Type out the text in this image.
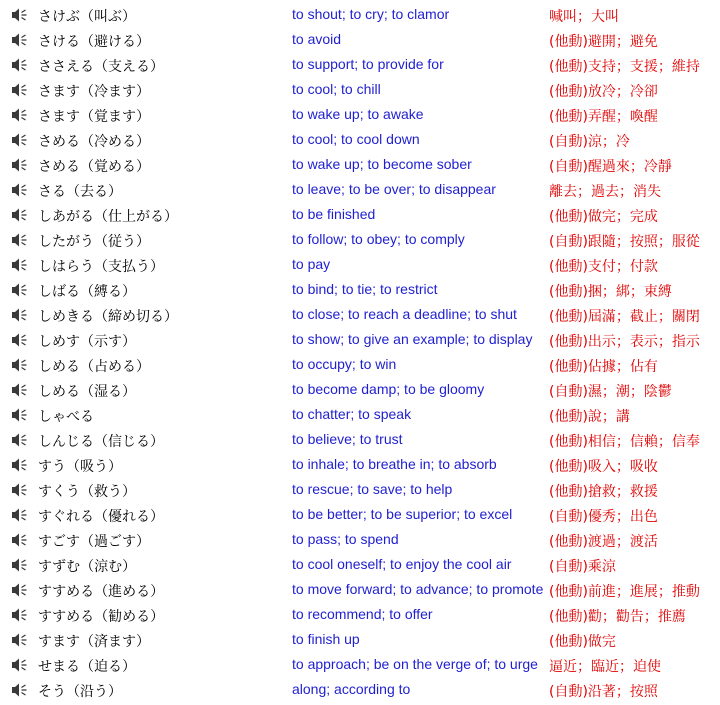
さけぶ（叫ぶ）	to shout; to cry; to clamor	喊叫；大叫
さける（避ける）	to avoid	(他動)避開；避免
ささえる（支える）	to support; to provide for	(他動)支持；支援；維持
さます（冷ます）	to cool; to chill	(他動)放冷；冷卻
さます（覚ます）	to wake up; to awake	(他動)弄醒；喚醒
さめる（冷める）	to cool; to cool down	(自動)涼；冷
さめる（覚める）	to wake up; to become sober	(自動)醒過來；冷靜
さる（去る）	to leave; to be over; to disappear	離去；過去；消失
しあがる（仕上がる）	to be finished	(他動)做完；完成
したがう（従う）	to follow; to obey; to comply	(自動)跟隨；按照；服從
しはらう（支払う）	to pay	(他動)支付；付款
しばる（縛る）	to bind; to tie; to restrict	(他動)捆；綁；束縛
しめきる（締め切る）	to close; to reach a deadline; to shut (他動)屆滿；截止；關閉
しめす（示す）	to show; to give an example; to display (他動)出示；表示；指示
しめる（占める）	to occupy; to win	(他動)佔據；佔有
しめる（湿る）	to become damp; to be gloomy	(自動)濕；潮；陰鬱
しゃべる	to chatter; to speak	(他動)說；講
しんじる（信じる）	to believe; to trust	(他動)相信；信賴；信奉
すう（吸う）	to inhale; to breathe in; to absorb	(他動)吸入；吸收
すくう（救う）	to rescue; to save; to help	(他動)搶救；救援
すぐれる（優れる）	to be better; to be superior; to excel	(自動)優秀；出色
すごす（過ごす）	to pass; to spend	(他動)渡過；渡活
すずむ（涼む）	to cool oneself; to enjoy the cool air	(自動)乘涼
すすめる（進める）	to move forward; to advance; to promote (他動)前進；進展；推動
すすめる（勧める）	to recommend; to offer	(他動)勸；勸告；推薦
すます（済ます）	to finish up	(他動)做完
せまる（迫る）	to approach; be on the verge of; to urge 逼近；臨近；迫使
そう（沿う）	along; according to	(自動)沿著；按照
